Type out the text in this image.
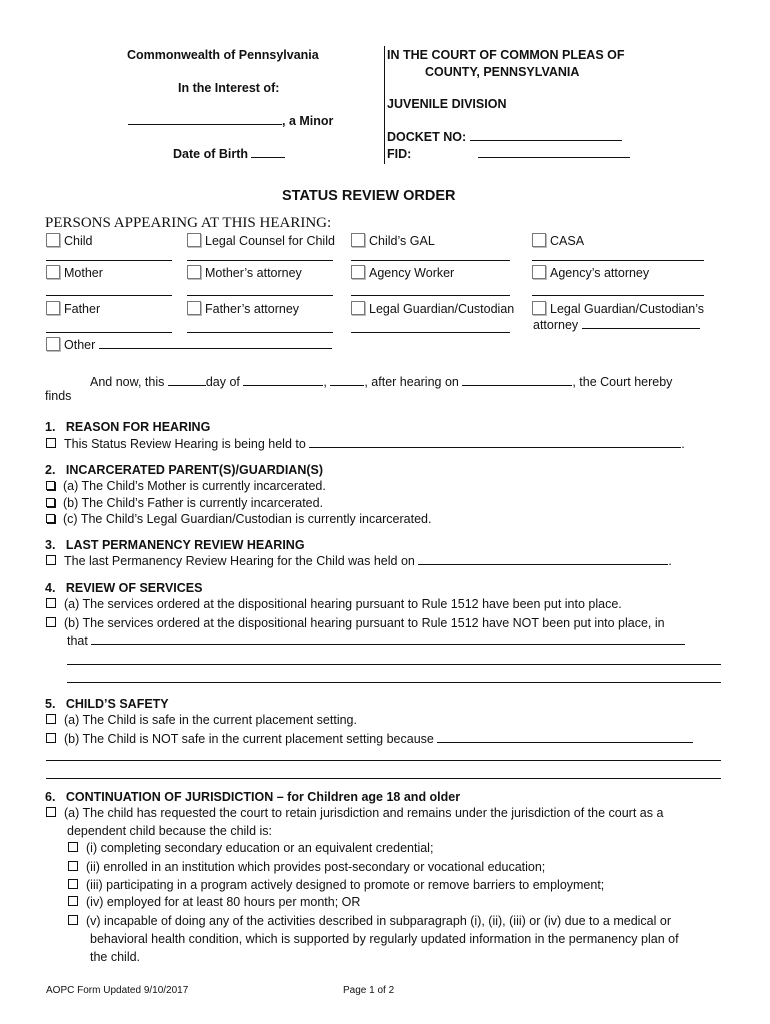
Commonwealth of Pennsylvania
In the Interest of:
, a Minor
Date of Birth
IN THE COURT OF COMMON PLEAS OF
COUNTY, PENNSYLVANIA
JUVENILE DIVISION
DOCKET NO:
FID:
STATUS REVIEW ORDER
PERSONS APPEARING AT THIS HEARING:
Child	Legal Counsel for Child	Child’s GAL	CASA
Mother	Mother’s attorney	Agency Worker	Agency’s attorney
Father	Father’s attorney	Legal Guardian/Custodian	Legal Guardian/Custodian’s
attorney
Other
And now, this	day of	,	, after hearing on	, the Court hereby
finds
1. REASON FOR HEARING
This Status Review Hearing is being held to	.
2. INCARCERATED PARENT(S)/GUARDIAN(S)
(a) The Child’s Mother is currently incarcerated.
(b) The Child’s Father is currently incarcerated.
(c) The Child’s Legal Guardian/Custodian is currently incarcerated.
3. LAST PERMANENCY REVIEW HEARING
The last Permanency Review Hearing for the Child was held on	.
4. REVIEW OF SERVICES
(a) The services ordered at the dispositional hearing pursuant to Rule 1512 have been put into place.
(b) The services ordered at the dispositional hearing pursuant to Rule 1512 have NOT been put into place, in
that
5. CHILD’S SAFETY
(a) The Child is safe in the current placement setting.
(b) The Child is NOT safe in the current placement setting because
6. CONTINUATION OF JURISDICTION – for Children age 18 and older
(a) The child has requested the court to retain jurisdiction and remains under the jurisdiction of the court as a
dependent child because the child is:
(i) completing secondary education or an equivalent credential;
(ii) enrolled in an institution which provides post-secondary or vocational education;
(iii) participating in a program actively designed to promote or remove barriers to employment;
(iv) employed for at least 80 hours per month; OR
(v) incapable of doing any of the activities described in subparagraph (i), (ii), (iii) or (iv) due to a medical or
behavioral health condition, which is supported by regularly updated information in the permanency plan of
the child.
AOPC Form Updated 9/10/2017	Page 1 of 2
